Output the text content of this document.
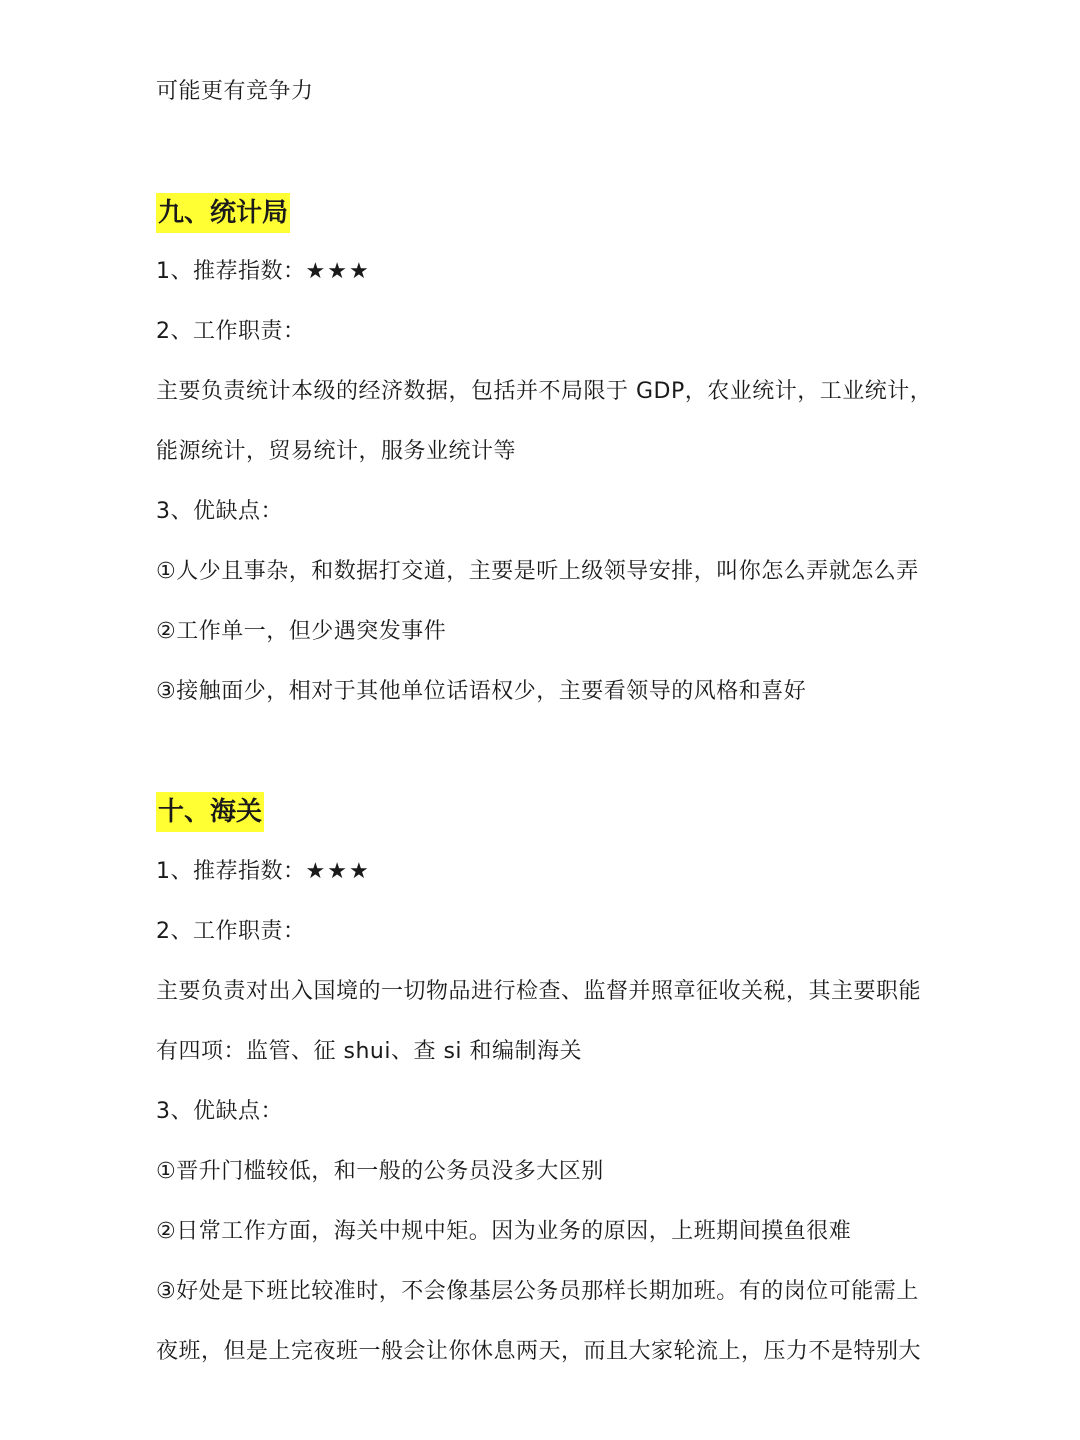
可能更有竞争力
九、统计局
1、推荐指数：★★★
2、工作职责：
主要负责统计本级的经济数据，包括并不局限于 GDP，农业统计，工业统计，
能源统计，贸易统计，服务业统计等
3、优缺点：
①人少且事杂，和数据打交道，主要是听上级领导安排，叫你怎么弄就怎么弄
②工作单一，但少遇突发事件
③接触面少，相对于其他单位话语权少，主要看领导的风格和喜好
十、海关
1、推荐指数：★★★
2、工作职责：
主要负责对出入国境的一切物品进行检查、监督并照章征收关税，其主要职能
有四项：监管、征 shui、查 si 和编制海关
3、优缺点：
①晋升门槛较低，和一般的公务员没多大区别
②日常工作方面，海关中规中矩。因为业务的原因，上班期间摸鱼很难
③好处是下班比较准时，不会像基层公务员那样长期加班。有的岗位可能需上
夜班，但是上完夜班一般会让你休息两天，而且大家轮流上，压力不是特别大
